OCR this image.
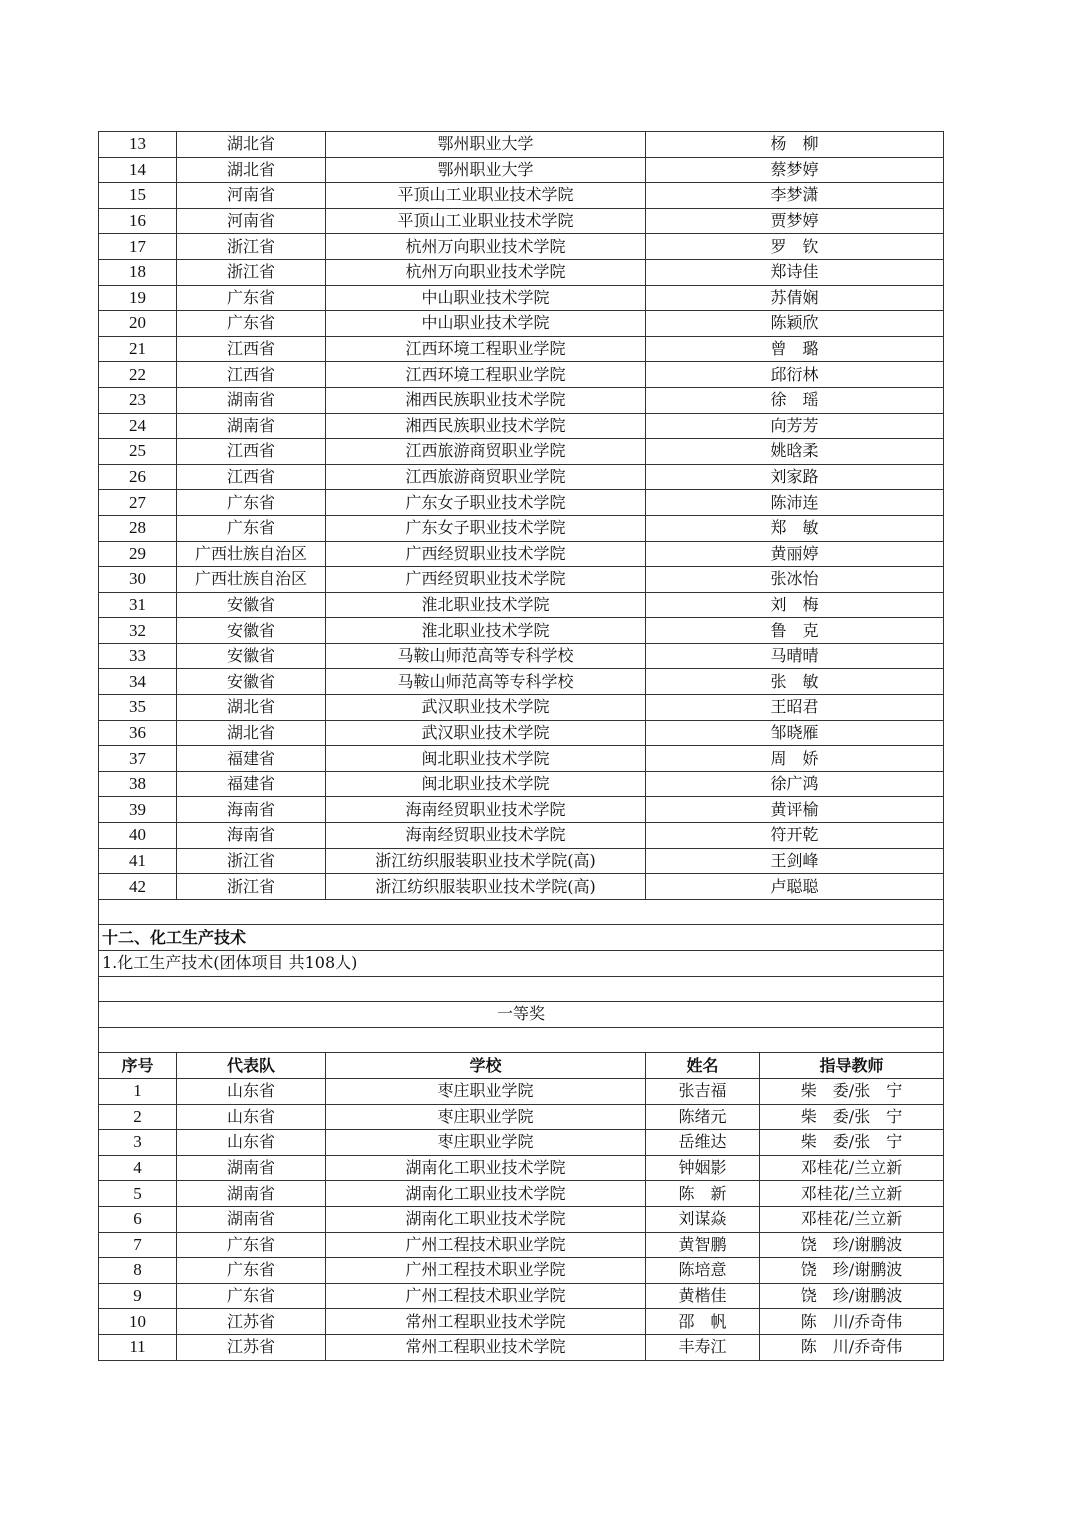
13	湖北省	鄂州职业大学	杨　柳	
14	湖北省	鄂州职业大学	蔡梦婷	
15	河南省	平顶山工业职业技术学院	李梦潇	
16	河南省	平顶山工业职业技术学院	贾梦婷	
17	浙江省	杭州万向职业技术学院	罗　钦	
18	浙江省	杭州万向职业技术学院	郑诗佳	
19	广东省	中山职业技术学院	苏倩娴	
20	广东省	中山职业技术学院	陈颖欣	
21	江西省	江西环境工程职业学院	曾　璐	
22	江西省	江西环境工程职业学院	邱衍林	
23	湖南省	湘西民族职业技术学院	徐　瑶	
24	湖南省	湘西民族职业技术学院	向芳芳	
25	江西省	江西旅游商贸职业学院	姚晗柔	
26	江西省	江西旅游商贸职业学院	刘家路	
27	广东省	广东女子职业技术学院	陈沛连	
28	广东省	广东女子职业技术学院	郑　敏	
29	广西壮族自治区	广西经贸职业技术学院	黄丽婷	
30	广西壮族自治区	广西经贸职业技术学院	张冰怡	
31	安徽省	淮北职业技术学院	刘　梅	
32	安徽省	淮北职业技术学院	鲁　克	
33	安徽省	马鞍山师范高等专科学校	马晴晴	
34	安徽省	马鞍山师范高等专科学校	张　敏	
35	湖北省	武汉职业技术学院	王昭君	
36	湖北省	武汉职业技术学院	邹晓雁	
37	福建省	闽北职业技术学院	周　娇	
38	福建省	闽北职业技术学院	徐广鸿	
39	海南省	海南经贸职业技术学院	黄评榆	
40	海南省	海南经贸职业技术学院	符开乾	
41	浙江省	浙江纺织服装职业技术学院(高)	王剑峰	
42	浙江省	浙江纺织服装职业技术学院(高)	卢聪聪	

十二、化工生产技术				
1.化工生产技术(团体项目 共108人)				

一等奖				

序号	代表队	学校	姓名	指导教师
1	山东省	枣庄职业学院	张吉福	柴　委/张　宁
2	山东省	枣庄职业学院	陈绪元	柴　委/张　宁
3	山东省	枣庄职业学院	岳维达	柴　委/张　宁
4	湖南省	湖南化工职业技术学院	钟姻影	邓桂花/兰立新
5	湖南省	湖南化工职业技术学院	陈　新	邓桂花/兰立新
6	湖南省	湖南化工职业技术学院	刘谋焱	邓桂花/兰立新
7	广东省	广州工程技术职业学院	黄智鹏	饶　珍/谢鹏波
8	广东省	广州工程技术职业学院	陈培意	饶　珍/谢鹏波
9	广东省	广州工程技术职业学院	黄楷佳	饶　珍/谢鹏波
10	江苏省	常州工程职业技术学院	邵　帆	陈　川/乔奇伟
11	江苏省	常州工程职业技术学院	丰寿江	陈　川/乔奇伟
